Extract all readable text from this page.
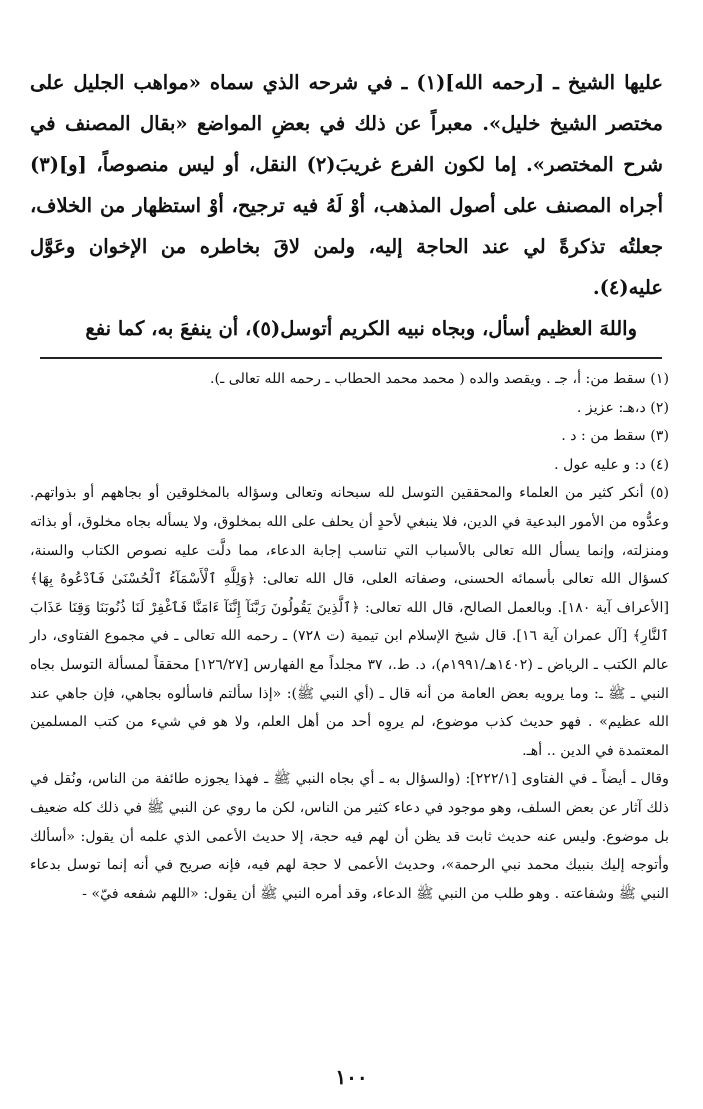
عليها الشيخ ـ [رحمه الله](١) ـ في شرحه الذي سماه «مواهب الجليل على مختصر الشيخ خليل». معبراً عن ذلك في بعضِ المواضع «بقال المصنف في شرح المختصر». إما لكون الفرع غريبَ(٢) النقل، أو ليس منصوصاً، [و](٣) أجراه المصنف على أصول المذهب، أوْ لَهُ فيه ترجيح، أوْ استظهار من الخلاف، جعلتُه تذكرةً لي عند الحاجة إليه، ولمن لاقَ بخاطره من الإخوان وعَوَّل عليه(٤).

واللهَ العظيم أسأل، وبجاه نبيه الكريم أتوسل(٥)، أن ينفعَ به، كما نفع

(١) سقط من: أ، جـ . ويقصد والده ( محمد محمد الحطاب ـ رحمه الله تعالى ـ).

(٢) د،هـ: عزيز .

(٣) سقط من : د .

(٤) د: و عليه عول .

(٥) أنكر كثير من العلماء والمحققين التوسل لله سبحانه وتعالى وسؤاله بالمخلوقين أو بجاههم أو بذواتهم. وعدُّوه من الأمور البدعية في الدين، فلا ينبغي لأحدٍ أن يحلف على الله بمخلوق، ولا يسأله بجاه مخلوق، أو بذاته ومنزلته، وإنما يسأل الله تعالى بالأسباب التي تناسب إجابة الدعاء، مما دلَّت عليه نصوص الكتاب والسنة، كسؤال الله تعالى بأسمائه الحسنى، وصفاته العلى، قال الله تعالى: ﴿وَلِلَّهِ ٱلْأَسْمَآءُ ٱلْحُسْنَىٰ فَٱدْعُوهُ بِهَا﴾ [الأعراف آية ١٨٠]. وبالعمل الصالح، قال الله تعالى: ﴿ٱلَّذِينَ يَقُولُونَ رَبَّنَآ إِنَّنَآ ءَامَنَّا فَٱغْفِرْ لَنَا ذُنُوبَنَا وَقِنَا عَذَابَ ٱلنَّارِ﴾ [آل عمران آية ١٦]. قال شيخ الإسلام ابن تيمية (ت ٧٢٨) ـ رحمه الله تعالى ـ في مجموع الفتاوى، دار عالم الكتب ـ الرياض ـ (١٤٠٢هـ/١٩٩١م)، د. ط.، ٣٧ مجلداً مع الفهارس [١٢٦/٢٧] محققاً لمسألة التوسل بجاه النبي ـ ﷺ ـ: وما يرويه بعض العامة من أنه قال ـ (أي النبي ﷺ): «إذا سألتم فاسألوه بجاهي، فإن جاهي عند الله عظيم» . فهو حديث كذب موضوع، لم يروِه أحد من أهل العلم، ولا هو في شيء من كتب المسلمين المعتمدة في الدين .. أهـ.

وقال ـ أيضاً ـ في الفتاوى [٢٢٢/١]: (والسؤال به ـ أي بجاه النبي ﷺ ـ فهذا يجوزه طائفة من الناس، ونُقل في ذلك آثار عن بعض السلف، وهو موجود في دعاء كثير من الناس، لكن ما روي عن النبي ﷺ في ذلك كله ضعيف بل موضوع. وليس عنه حديث ثابت قد يظن أن لهم فيه حجة، إلا حديث الأعمى الذي علمه أن يقول: «أسألك وأتوجه إليك بنبيك محمد نبي الرحمة»، وحديث الأعمى لا حجة لهم فيه، فإنه صريح في أنه إنما توسل بدعاء النبي ﷺ وشفاعته . وهو طلب من النبي ﷺ الدعاء، وقد أمره النبي ﷺ أن يقول: «اللهم شفعه فيّ» -

١٠٠
